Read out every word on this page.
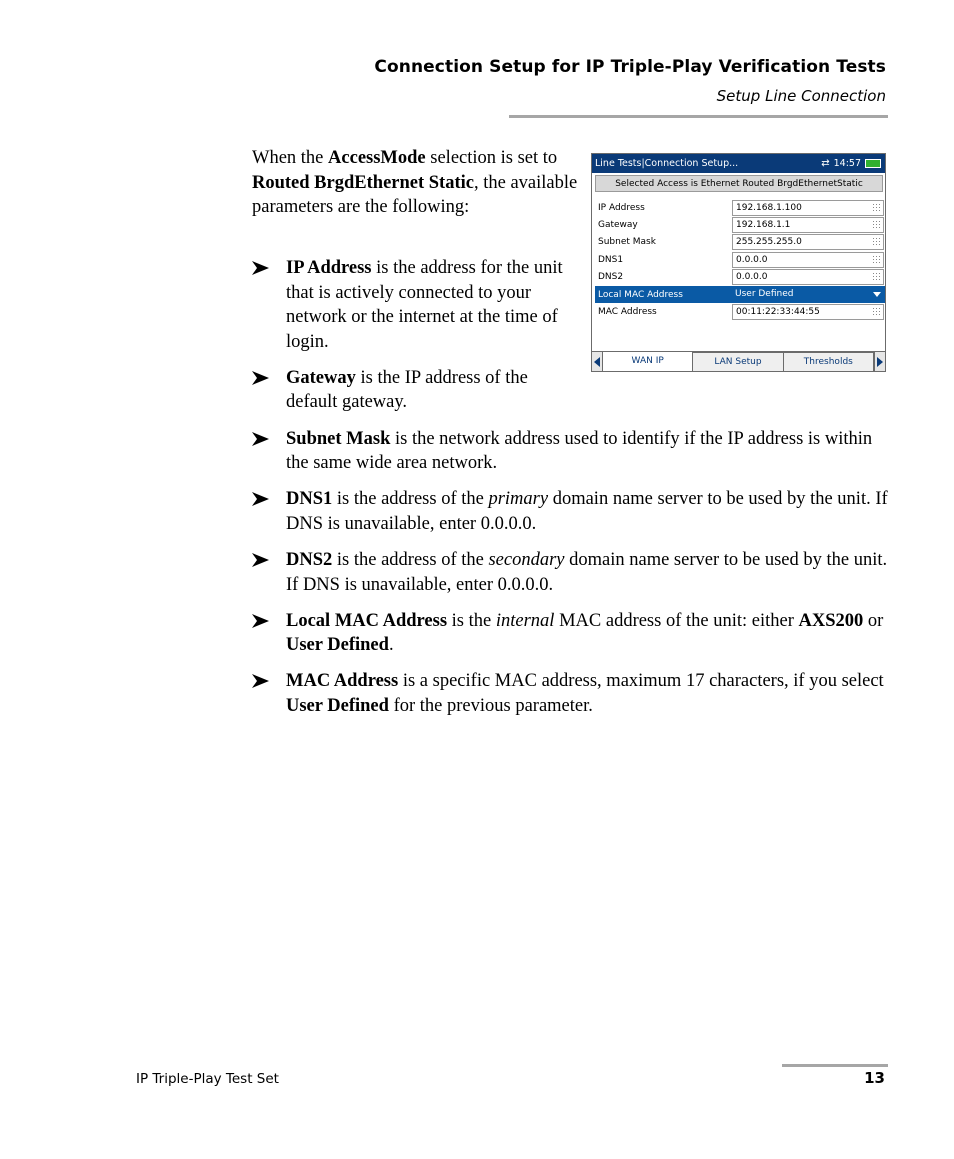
Connection Setup for IP Triple-Play Verification Tests
Setup Line Connection

When the AccessMode selection is set to Routed BrgdEthernet Static, the available parameters are the following:

IP Address is the address for the unit that is actively connected to your network or the internet at the time of login.
Gateway is the IP address of the default gateway.
Subnet Mask is the network address used to identify if the IP address is within the same wide area network.
DNS1 is the address of the primary domain name server to be used by the unit. If DNS is unavailable, enter 0.0.0.0.
DNS2 is the address of the secondary domain name server to be used by the unit. If DNS is unavailable, enter 0.0.0.0.
Local MAC Address is the internal MAC address of the unit: either AXS200 or User Defined.
MAC Address is a specific MAC address, maximum 17 characters, if you select User Defined for the previous parameter.
Line Tests|Connection Setup...	⇄ 14:57
Selected Access is Ethernet Routed BrgdEthernetStatic
IP Address	192.168.1.100
Gateway	192.168.1.1
Subnet Mask	255.255.255.0
DNS1	0.0.0.0
DNS2	0.0.0.0
Local MAC Address	User Defined
MAC Address	00:11:22:33:44:55
WAN IP	LAN Setup	Thresholds
IP Triple-Play Test Set	13
